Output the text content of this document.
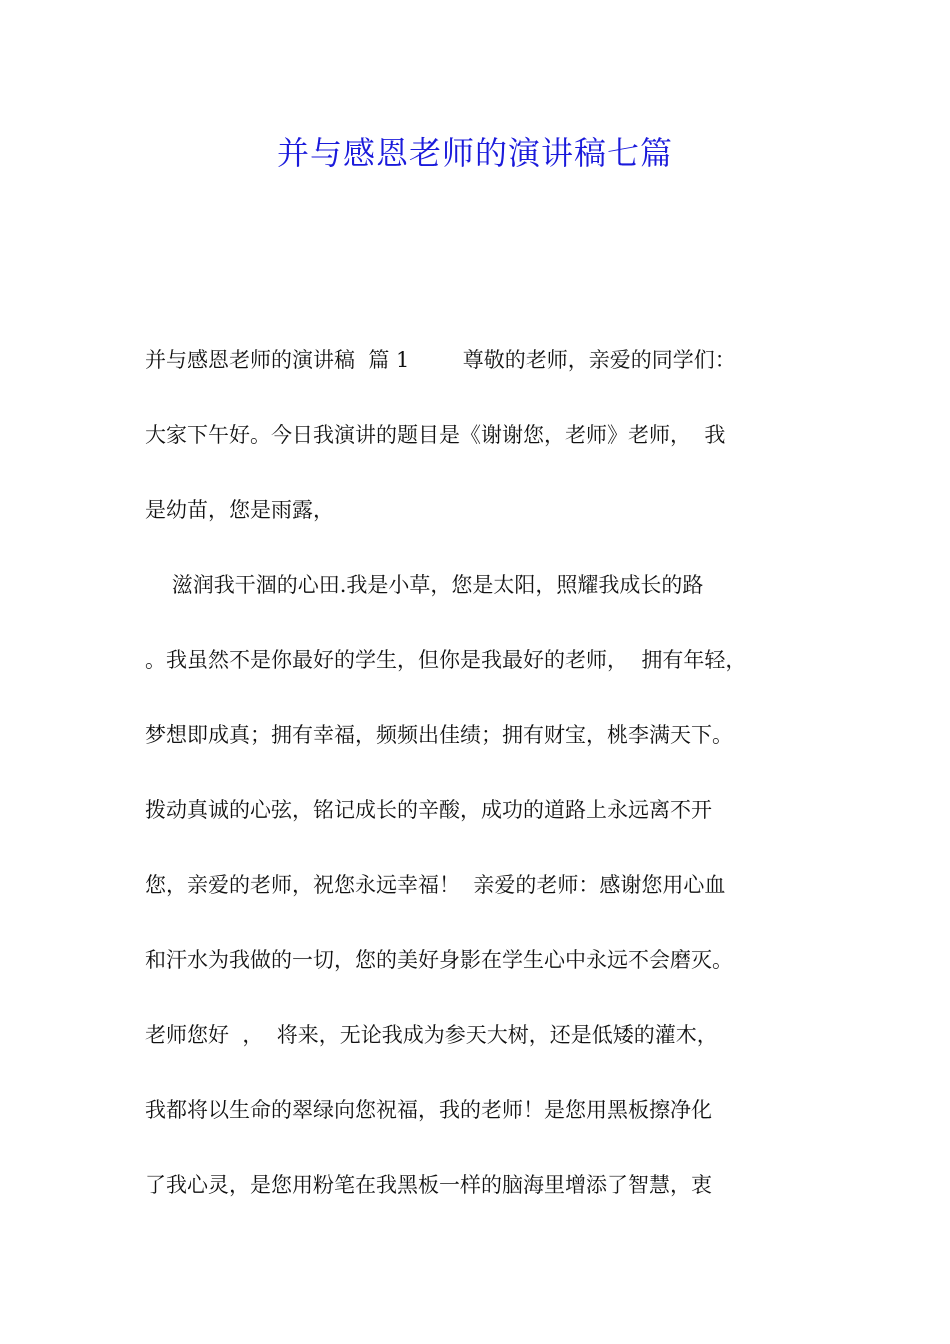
并与感恩老师的演讲稿七篇
并与感恩老师的演讲稿  篇 1        尊敬的老师，亲爱的同学们：
大家下午好。今日我演讲的题目是《谢谢您，老师》老师，  我
是幼苗，您是雨露，
滋润我干涸的心田.我是小草，您是太阳，照耀我成长的路
。我虽然不是你最好的学生，但你是我最好的老师，  拥有年轻，
梦想即成真；拥有幸福，频频出佳绩；拥有财宝，桃李满天下。
拨动真诚的心弦，铭记成长的辛酸，成功的道路上永远离不开
您，亲爱的老师，祝您永远幸福！  亲爱的老师：感谢您用心血
和汗水为我做的一切，您的美好身影在学生心中永远不会磨灭。
老师您好  ，  将来，无论我成为参天大树，还是低矮的灌木，
我都将以生命的翠绿向您祝福，我的老师！是您用黑板擦净化
了我心灵，是您用粉笔在我黑板一样的脑海里增添了智慧，衷
